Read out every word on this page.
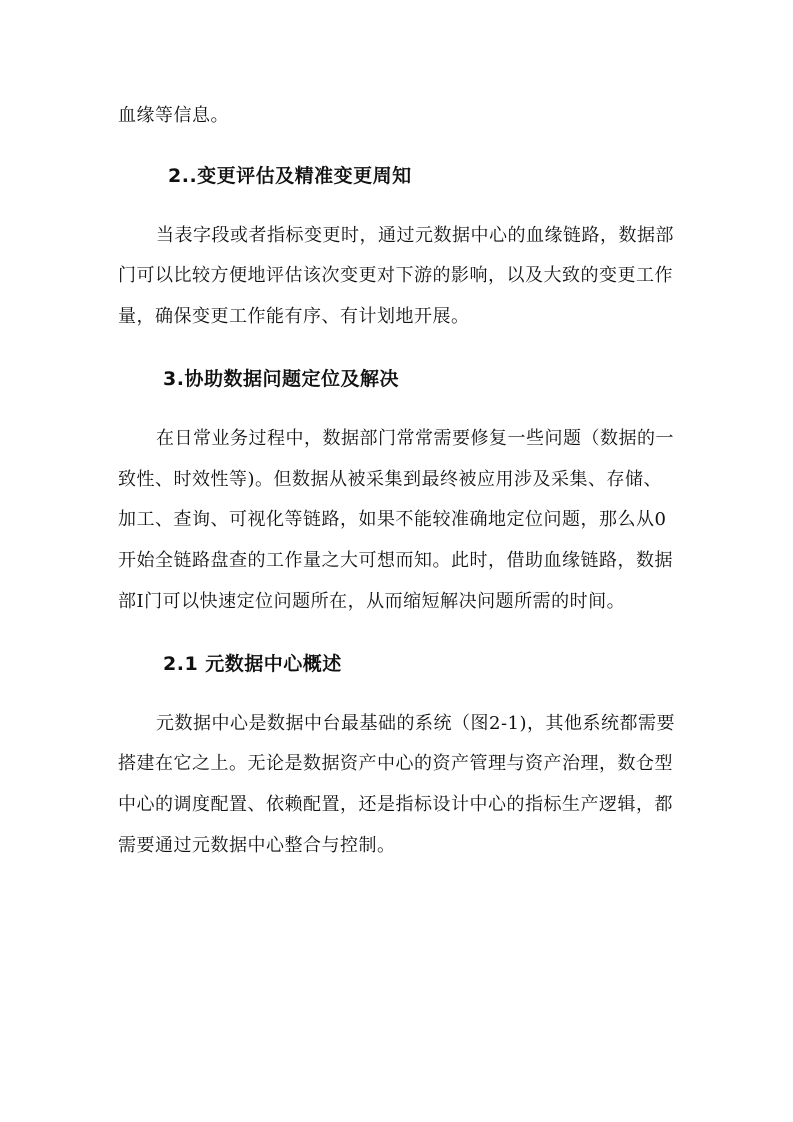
血缘等信息。
2..变更评估及精准变更周知
当表字段或者指标变更时，通过元数据中心的血缘链路，数据部
门可以比较方便地评估该次变更对下游的影响，以及大致的变更工作
量，确保变更工作能有序、有计划地开展。
3.协助数据问题定位及解决
在日常业务过程中，数据部门常常需要修复一些问题（数据的一
致性、时效性等)。但数据从被采集到最终被应用涉及采集、存储、
加工、查询、可视化等链路，如果不能较准确地定位问题，那么从0
开始全链路盘查的工作量之大可想而知。此时，借助血缘链路，数据
部Ⅰ门可以快速定位问题所在，从而缩短解决问题所需的时间。
2.1 元数据中心概述
元数据中心是数据中台最基础的系统（图2-1)，其他系统都需要
搭建在它之上。无论是数据资产中心的资产管理与资产治理，数仓型
中心的调度配置、依赖配置，还是指标设计中心的指标生产逻辑，都
需要通过元数据中心整合与控制。
